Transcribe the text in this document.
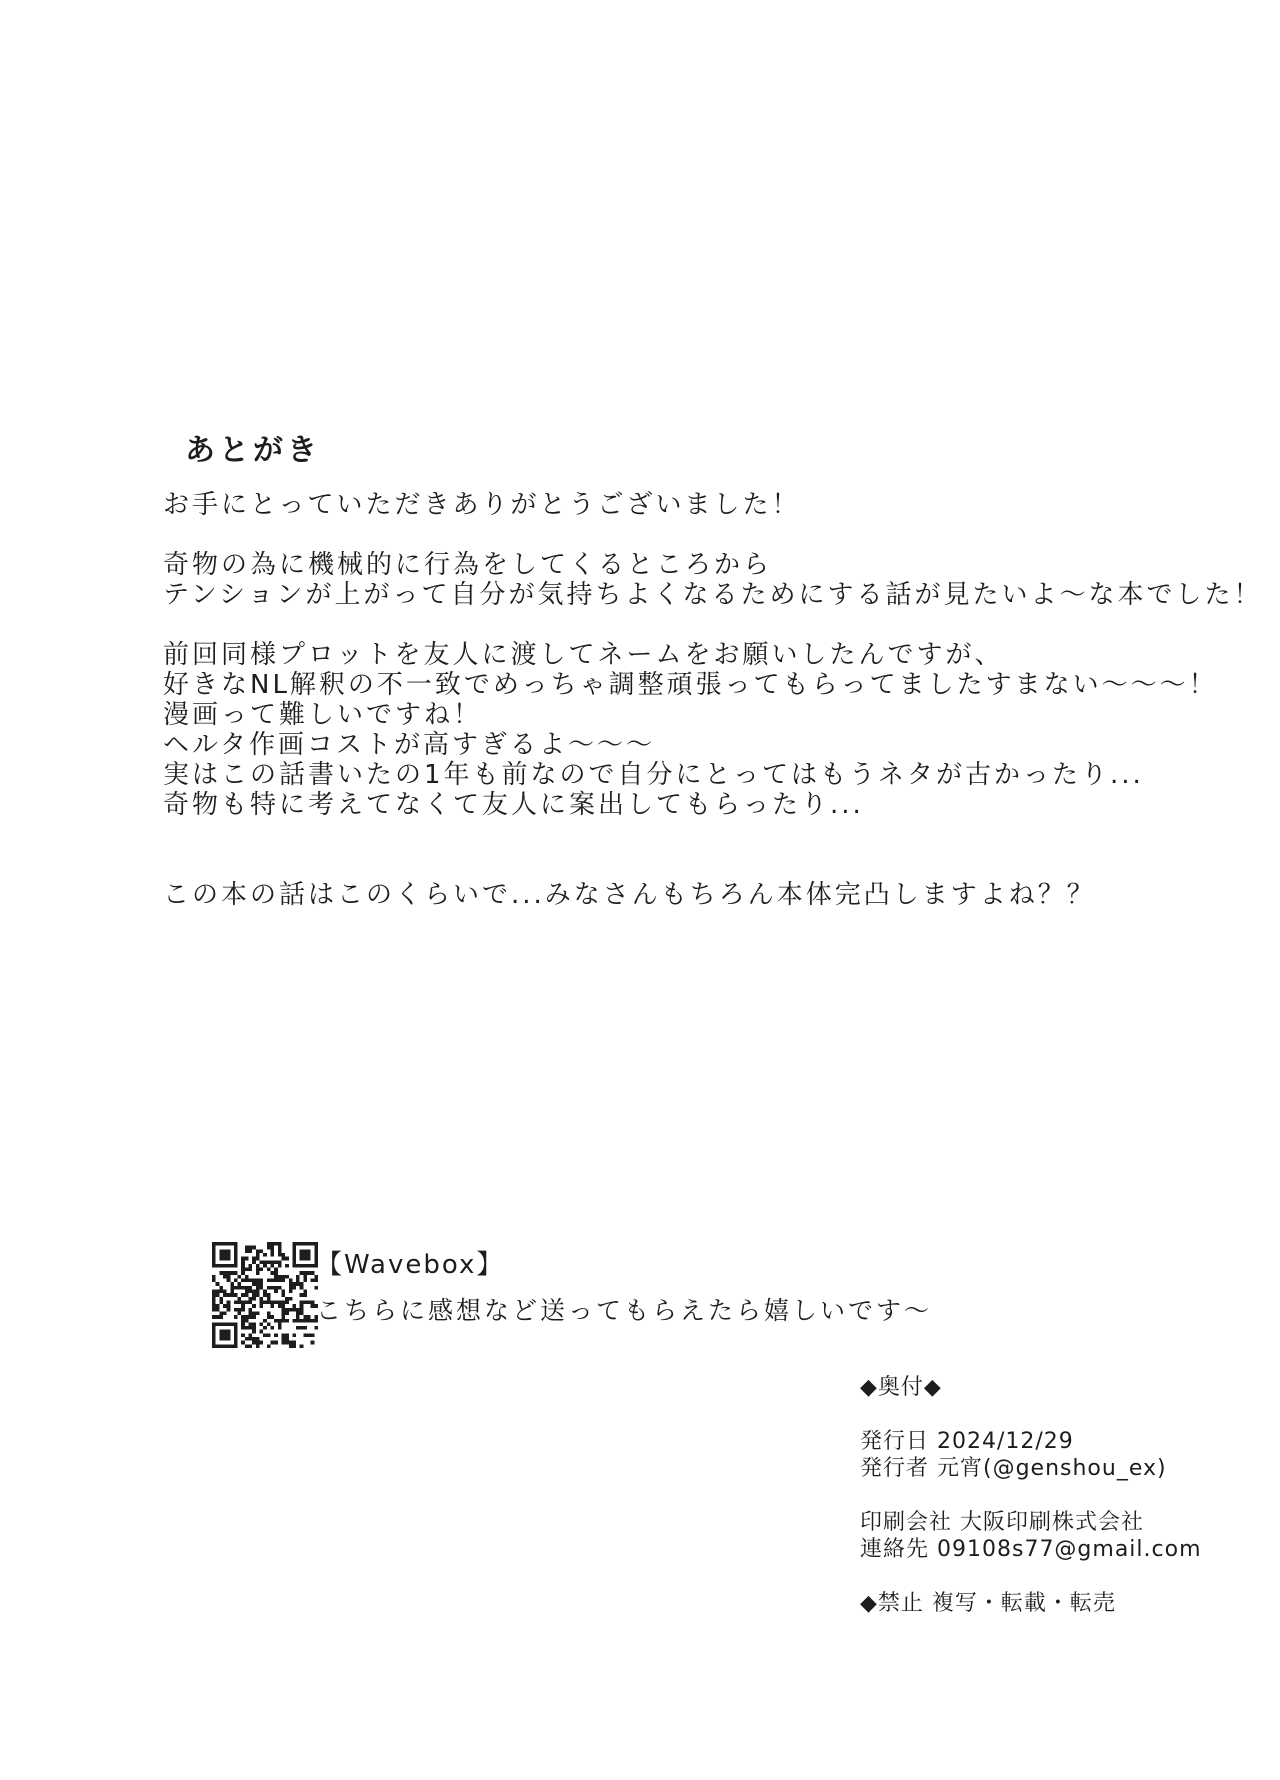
あとがき
お手にとっていただきありがとうございました！

奇物の為に機械的に行為をしてくるところから
テンションが上がって自分が気持ちよくなるためにする話が見たいよ〜な本でした！

前回同様プロットを友人に渡してネームをお願いしたんですが、
好きなNL解釈の不一致でめっちゃ調整頑張ってもらってましたすまない〜〜〜！
漫画って難しいですね！
ヘルタ作画コストが高すぎるよ〜〜〜
実はこの話書いたの1年も前なので自分にとってはもうネタが古かったり...
奇物も特に考えてなくて友人に案出してもらったり...

この本の話はこのくらいで...みなさんもちろん本体完凸しますよね？？
【Wavebox】
こちらに感想など送ってもらえたら嬉しいです〜
◆奥付◆

発行日 2024/12/29
発行者 元宵(@genshou_ex)

印刷会社 大阪印刷株式会社
連絡先 09108s77@gmail.com

◆禁止 複写・転載・転売
